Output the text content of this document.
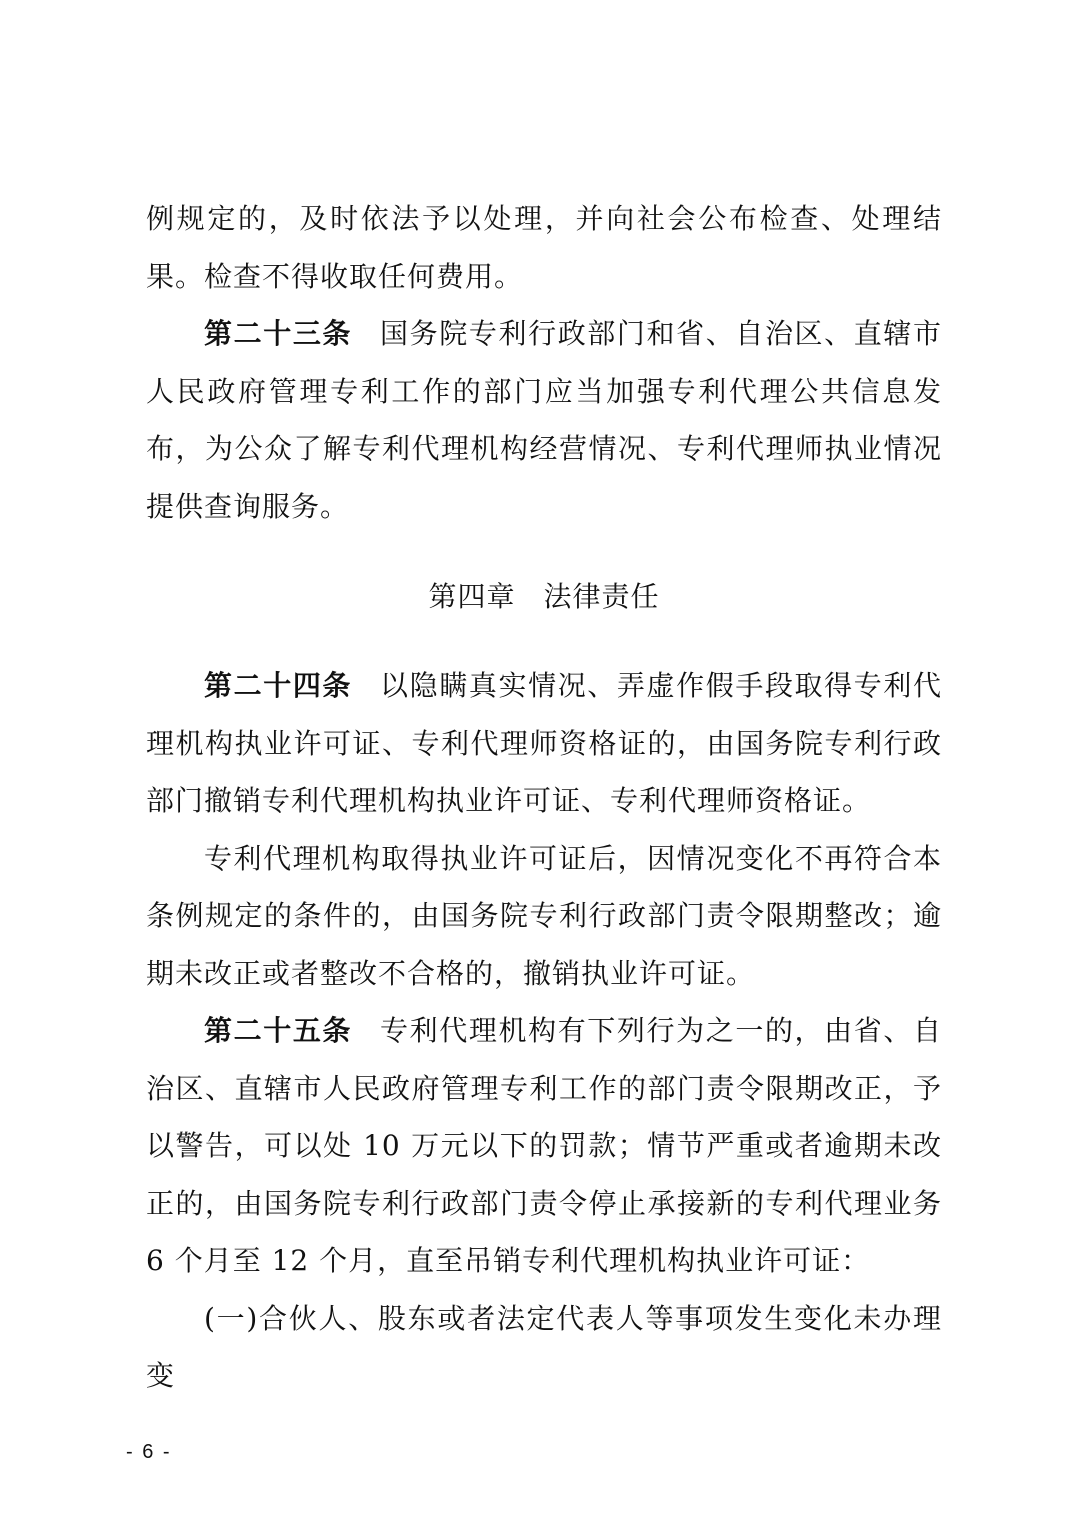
例规定的，及时依法予以处理，并向社会公布检查、处理结果。检查不得收取任何费用。

第二十三条 国务院专利行政部门和省、自治区、直辖市人民政府管理专利工作的部门应当加强专利代理公共信息发布，为公众了解专利代理机构经营情况、专利代理师执业情况提供查询服务。

第四章 法律责任

第二十四条 以隐瞒真实情况、弄虚作假手段取得专利代理机构执业许可证、专利代理师资格证的，由国务院专利行政部门撤销专利代理机构执业许可证、专利代理师资格证。

专利代理机构取得执业许可证后，因情况变化不再符合本条例规定的条件的，由国务院专利行政部门责令限期整改；逾期未改正或者整改不合格的，撤销执业许可证。

第二十五条 专利代理机构有下列行为之一的，由省、自治区、直辖市人民政府管理专利工作的部门责令限期改正，予以警告，可以处 10 万元以下的罚款；情节严重或者逾期未改正的，由国务院专利行政部门责令停止承接新的专利代理业务 6 个月至 12 个月，直至吊销专利代理机构执业许可证：

(一)合伙人、股东或者法定代表人等事项发生变化未办理变

- 6 -
